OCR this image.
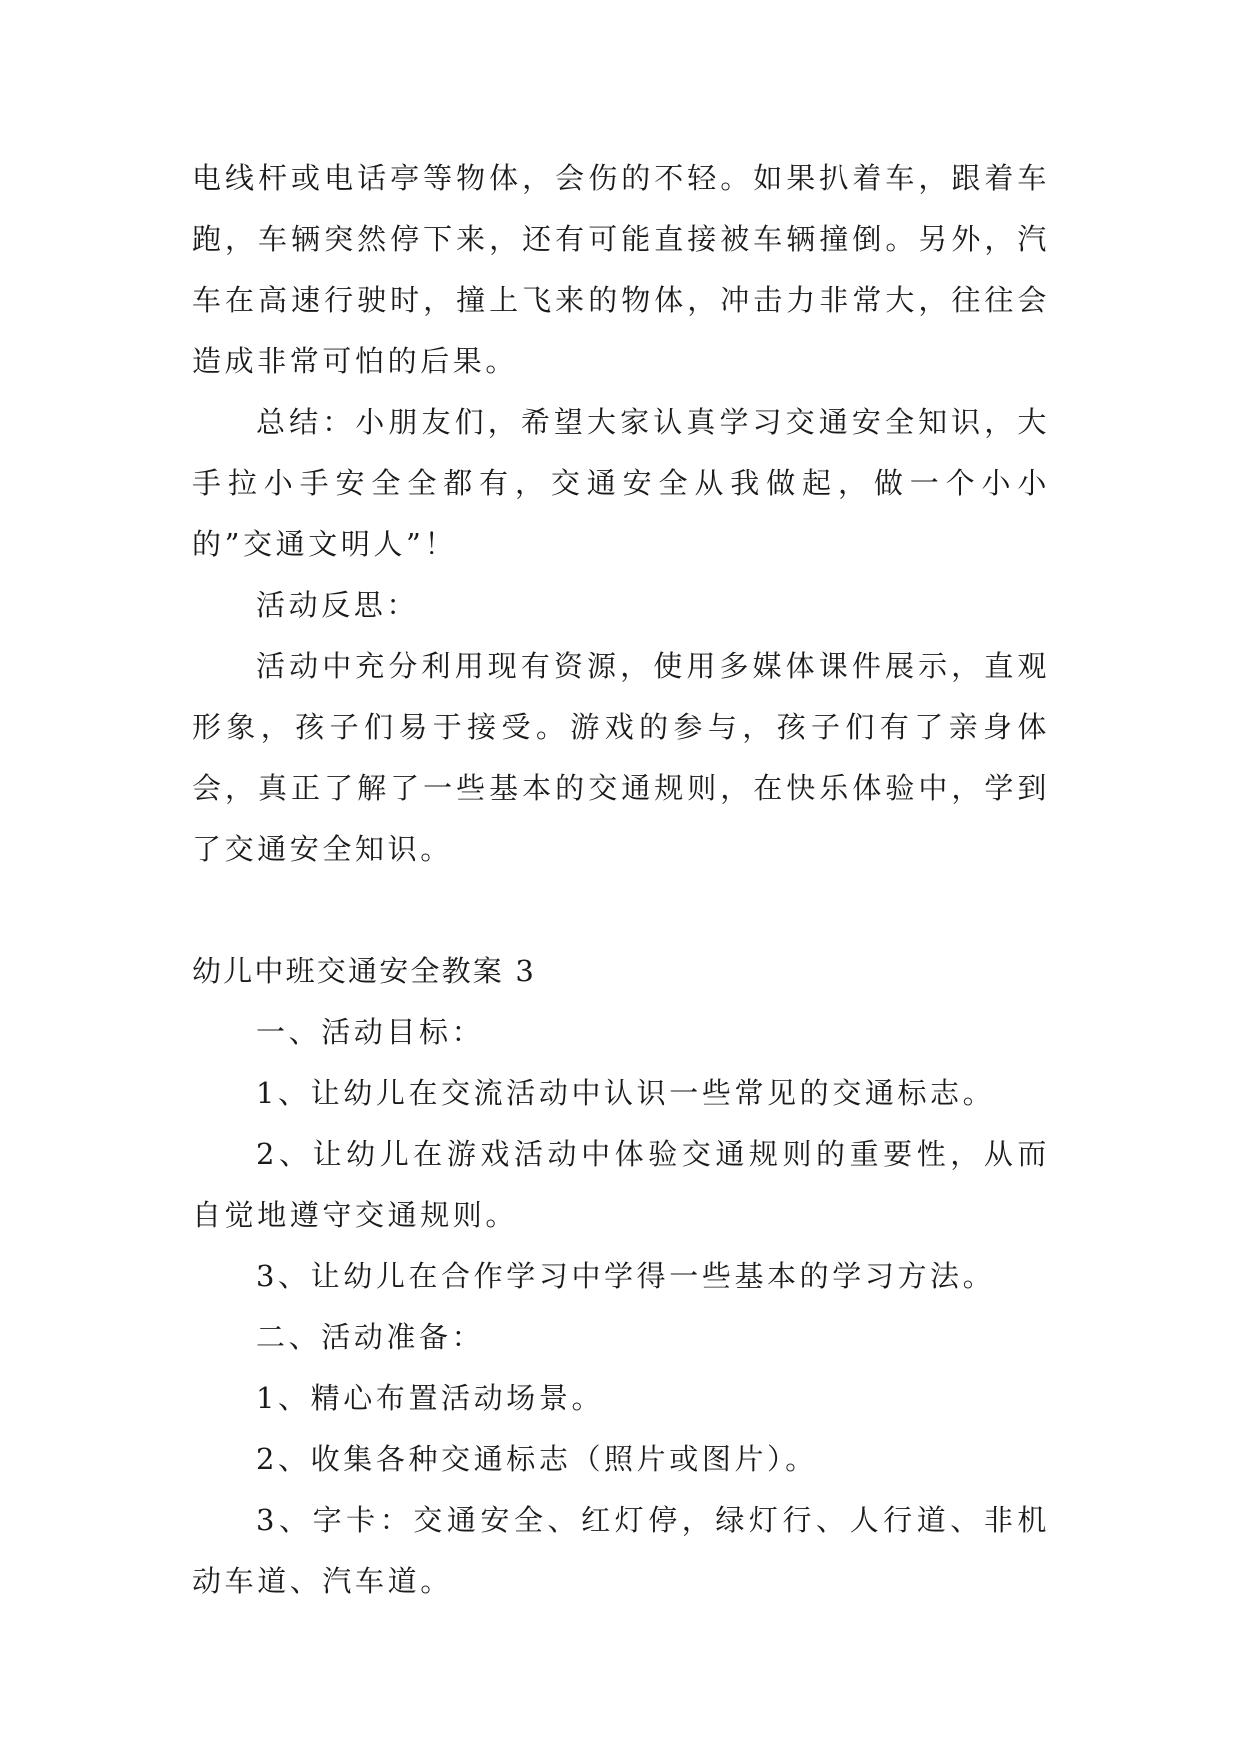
电线杆或电话亭等物体，会伤的不轻。如果扒着车，跟着车跑，车辆突然停下来，还有可能直接被车辆撞倒。另外，汽车在高速行驶时，撞上飞来的物体，冲击力非常大，往往会造成非常可怕的后果。

总结：小朋友们，希望大家认真学习交通安全知识，大手拉小手安全全都有，交通安全从我做起，做一个小小的”交通文明人”！

活动反思：

活动中充分利用现有资源，使用多媒体课件展示，直观形象，孩子们易于接受。游戏的参与，孩子们有了亲身体会，真正了解了一些基本的交通规则，在快乐体验中，学到了交通安全知识。

幼儿中班交通安全教案 3

一、活动目标：

1、让幼儿在交流活动中认识一些常见的交通标志。

2、让幼儿在游戏活动中体验交通规则的重要性，从而自觉地遵守交通规则。

3、让幼儿在合作学习中学得一些基本的学习方法。

二、活动准备：

1、精心布置活动场景。

2、收集各种交通标志（照片或图片）。

3、字卡：交通安全、红灯停，绿灯行、人行道、非机动车道、汽车道。
